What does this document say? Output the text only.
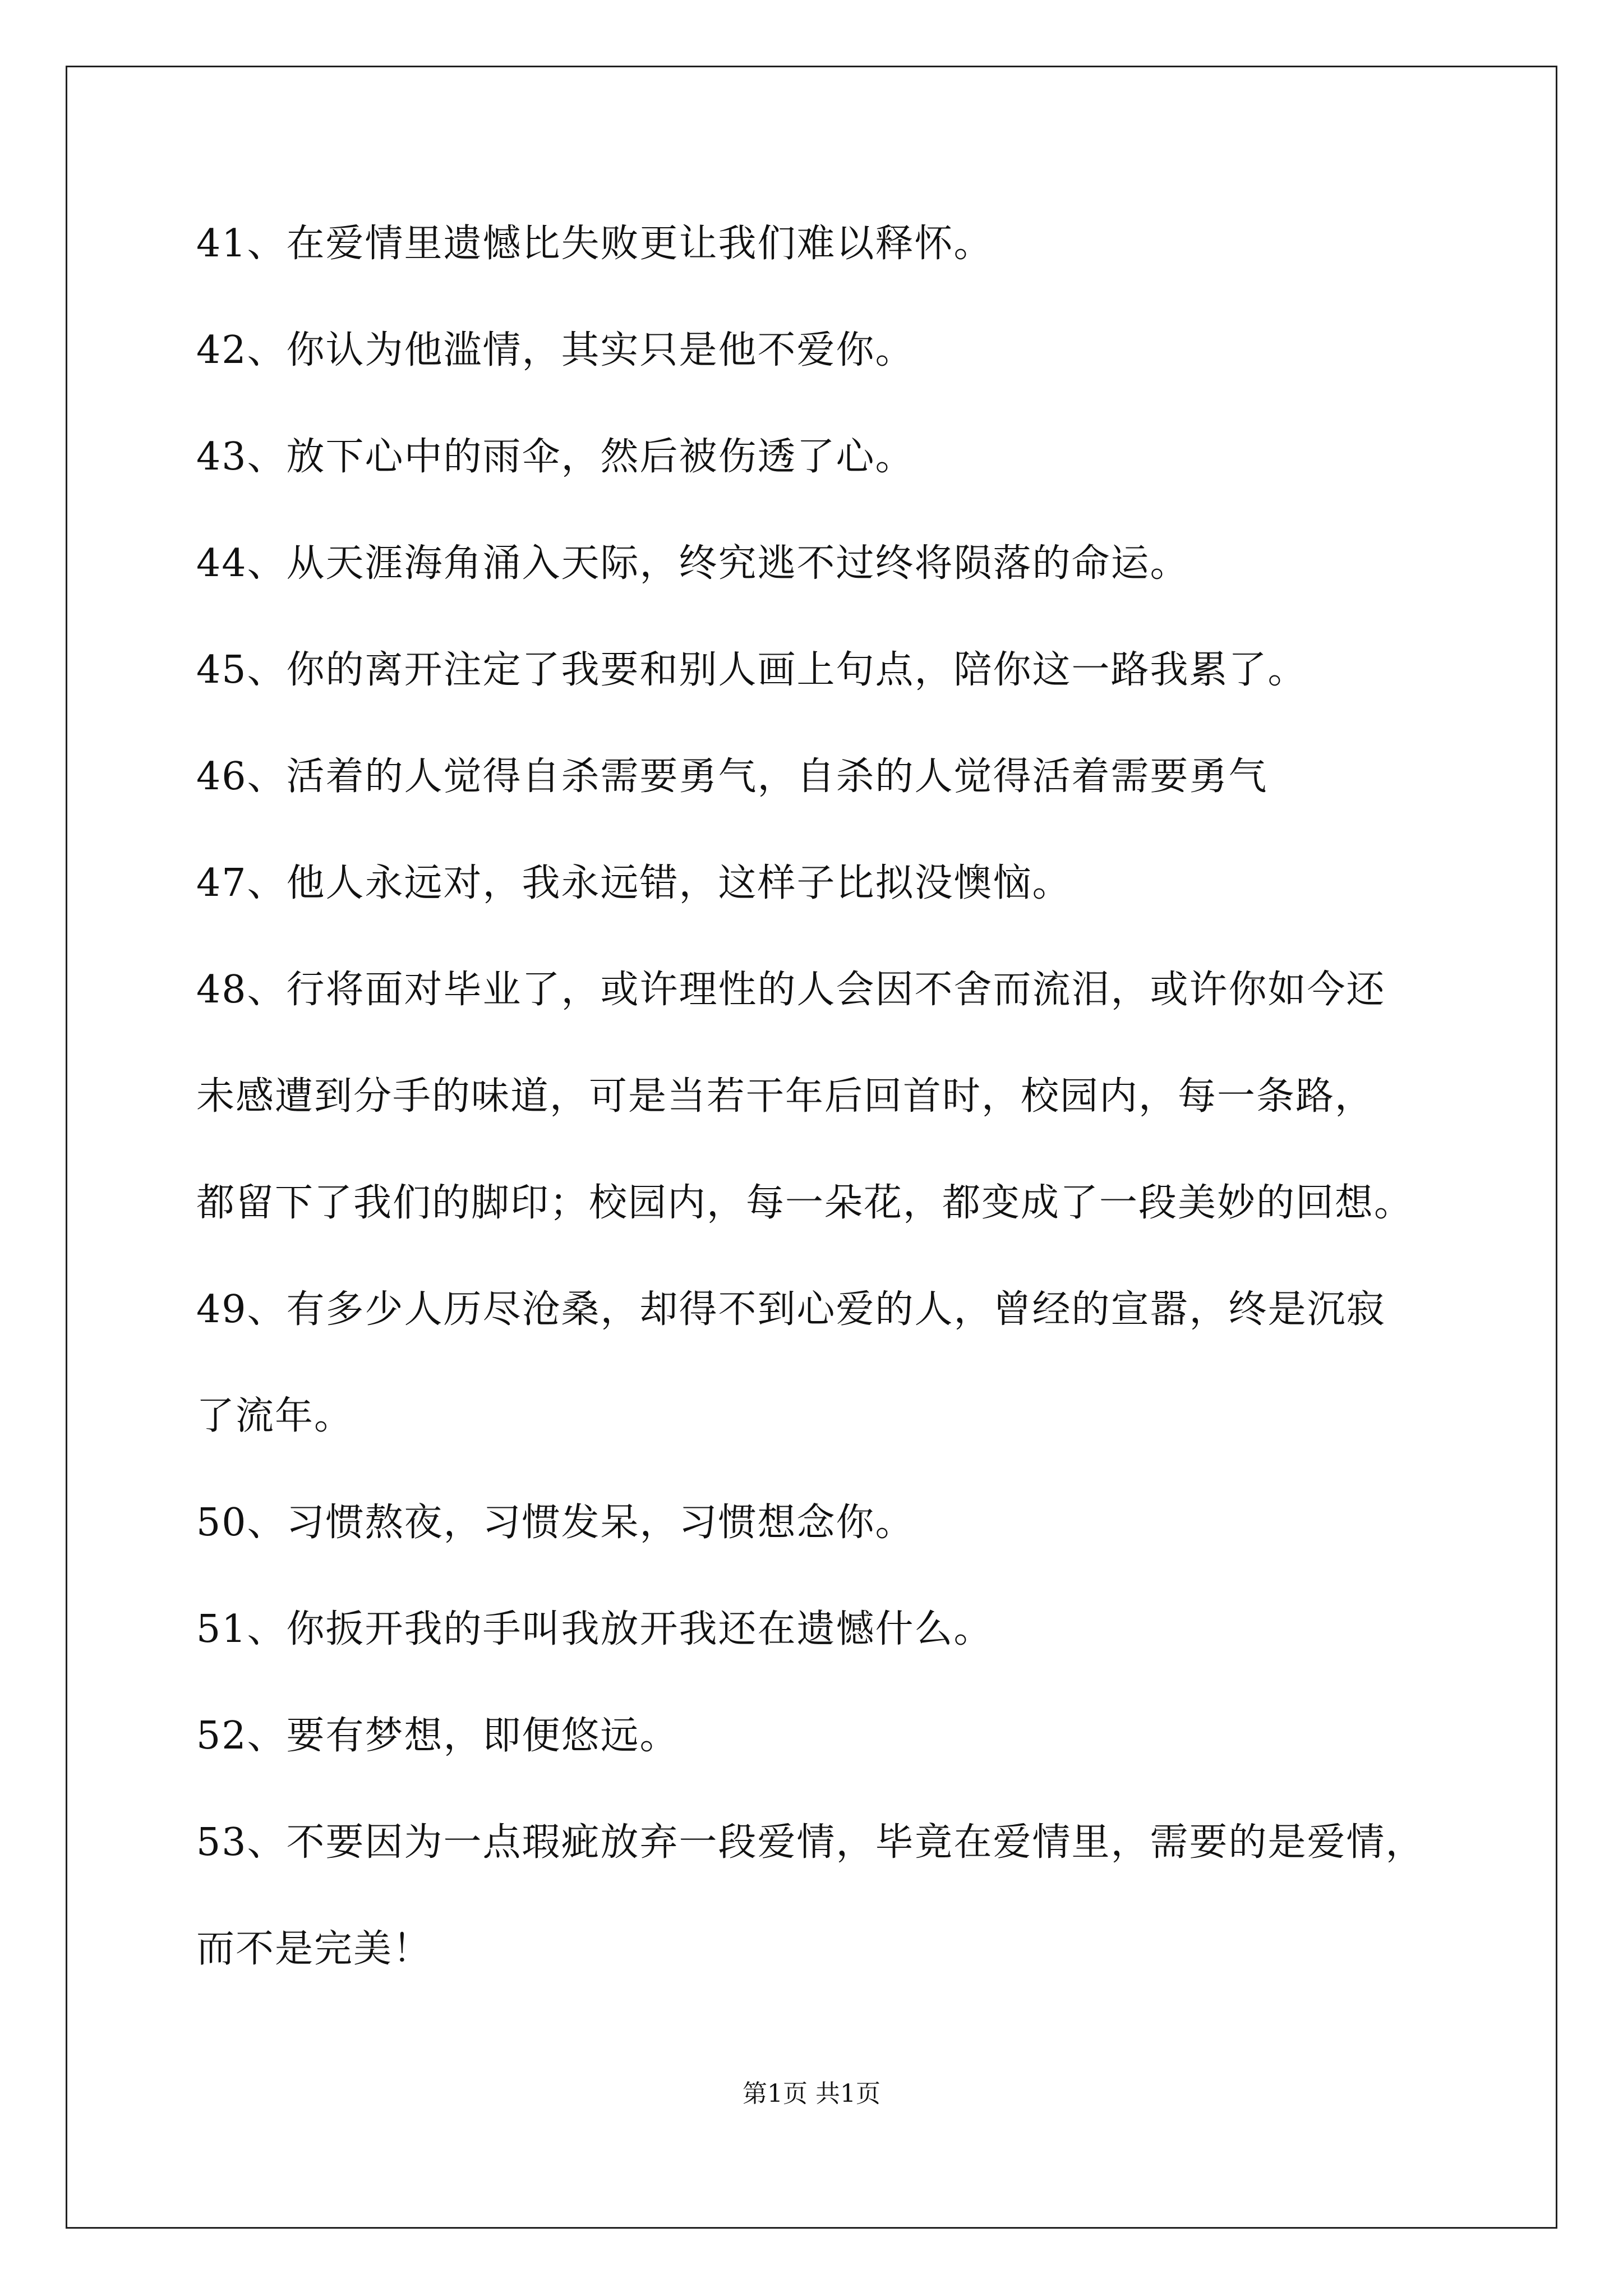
41、在爱情里遗憾比失败更让我们难以释怀。
42、你认为他滥情，其实只是他不爱你。
43、放下心中的雨伞，然后被伤透了心。
44、从天涯海角涌入天际，终究逃不过终将陨落的命运。
45、你的离开注定了我要和别人画上句点，陪你这一路我累了。
46、活着的人觉得自杀需要勇气，自杀的人觉得活着需要勇气
47、他人永远对，我永远错，这样子比拟没懊恼。
48、行将面对毕业了，或许理性的人会因不舍而流泪，或许你如今还
未感遭到分手的味道，可是当若干年后回首时，校园内，每一条路，
都留下了我们的脚印；校园内，每一朵花，都变成了一段美妙的回想。
49、有多少人历尽沧桑，却得不到心爱的人，曾经的宣嚣，终是沉寂
了流年。
50、习惯熬夜，习惯发呆，习惯想念你。
51、你扳开我的手叫我放开我还在遗憾什么。
52、要有梦想，即便悠远。
53、不要因为一点瑕疵放弃一段爱情，毕竟在爱情里，需要的是爱情，
而不是完美！
第1页 共1页
